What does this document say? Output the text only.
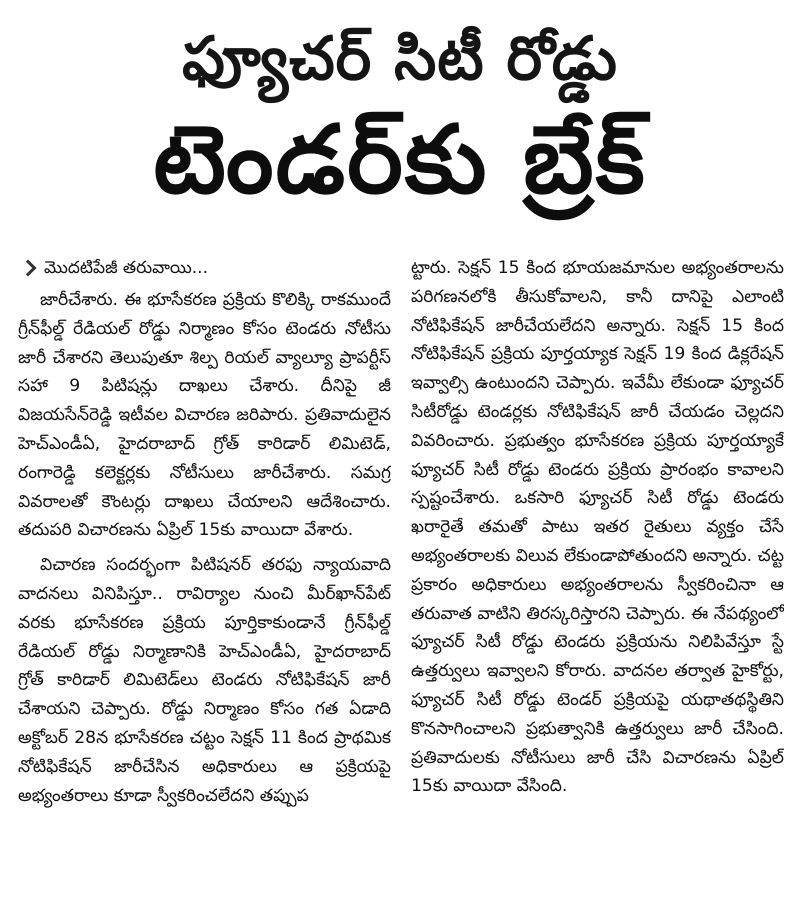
ఫ్యూచర్ సిటీ రోడ్డు
టెండర్‌కు బ్రేక్
మొదటిపేజీ తరువాయి...

జారీచేశారు. ఈ భూసేకరణ ప్రక్రియ కొలిక్కి రాకముందే గ్రీన్‌ఫీల్డ్ రేడియల్ రోడ్డు నిర్మాణం కోసం టెండరు నోటీసు జారీ చేశారని తెలుపుతూ శిల్ప రియల్ వ్యాల్యూ ప్రాపర్టీస్ సహా 9 పిటిషన్లు దాఖలు చేశారు. దీనిపై జీ విజయసేన్‌రెడ్డి ఇటీవల విచారణ జరిపారు. ప్రతివాదులైన హెచ్‌ఎండీఏ, హైదరాబాద్ గ్రోత్ కారిడార్ లిమిటెడ్, రంగారెడ్డి కలెక్టర్లకు నోటీసులు జారీచేశారు. సమగ్ర వివరాలతో కౌంటర్లు దాఖలు చేయాలని ఆదేశించారు. తదుపరి విచారణను ఏప్రిల్ 15కు వాయిదా వేశారు.

విచారణ సందర్భంగా పిటిషనర్ తరఫు న్యాయవాది వాదనలు వినిపిస్తూ.. రావిర్యాల నుంచి మీర్‌ఖాన్‌పేట్ వరకు భూసేకరణ ప్రక్రియ పూర్తికాకుండానే గ్రీన్‌ఫీల్డ్ రేడియల్ రోడ్డు నిర్మాణానికి హెచ్‌ఎండీఏ, హైదరాబాద్ గ్రోత్ కారిడార్ లిమిటెడ్‌లు టెండరు నోటిఫికేషన్ జారీ చేశాయని చెప్పారు. రోడ్డు నిర్మాణం కోసం గత ఏడాది అక్టోబర్ 28న భూసేకరణ చట్టం సెక్షన్ 11 కింద ప్రాథమిక నోటిఫికేషన్ జారీచేసిన అధికారులు ఆ ప్రక్రియపై అభ్యంతరాలు కూడా స్వీకరించలేదని తప్పుప

ట్టారు. సెక్షన్ 15 కింద భూయజమానుల అభ్యంతరాలను పరిగణనలోకి తీసుకోవాలని, కానీ దానిపై ఎలాంటి నోటిఫికేషన్ జారీచేయలేదని అన్నారు. సెక్షన్ 15 కింద నోటిఫికేషన్ ప్రక్రియ పూర్తయ్యాక సెక్షన్ 19 కింద డిక్లరేషన్ ఇవ్వాల్సి ఉంటుందని చెప్పారు. ఇవేమీ లేకుండా ఫ్యూచర్ సిటీరోడ్డు టెండర్లకు నోటిఫికేషన్ జారీ చేయడం చెల్లదని వివరించారు. ప్రభుత్వం భూసేకరణ ప్రక్రియ పూర్తయ్యాకే ఫ్యూచర్ సిటీ రోడ్డు టెండరు ప్రక్రియ ప్రారంభం కావాలని స్పష్టంచేశారు. ఒకసారి ఫ్యూచర్ సిటీ రోడ్డు టెండరు ఖరారైతే తమతో పాటు ఇతర రైతులు వ్యక్తం చేసే అభ్యంతరాలకు విలువ లేకుండాపోతుందని అన్నారు. చట్ట ప్రకారం అధికారులు అభ్యంతరాలను స్వీకరించినా ఆ తరువాత వాటిని తిరస్కరిస్తారని చెప్పారు. ఈ నేపథ్యంలో ఫ్యూచర్ సిటీ రోడ్డు టెండరు ప్రక్రియను నిలిపివేస్తూ స్టే ఉత్తర్వులు ఇవ్వాలని కోరారు. వాదనల తర్వాత హైకోర్టు, ఫ్యూచర్ సిటీ రోడ్డు టెండర్ ప్రక్రియపై యథాతథస్థితిని కొనసాగించాలని ప్రభుత్వానికి ఉత్తర్వులు జారీ చేసింది. ప్రతివాదులకు నోటీసులు జారీ చేసి విచారణను ఏప్రిల్ 15కు వాయిదా వేసింది.
